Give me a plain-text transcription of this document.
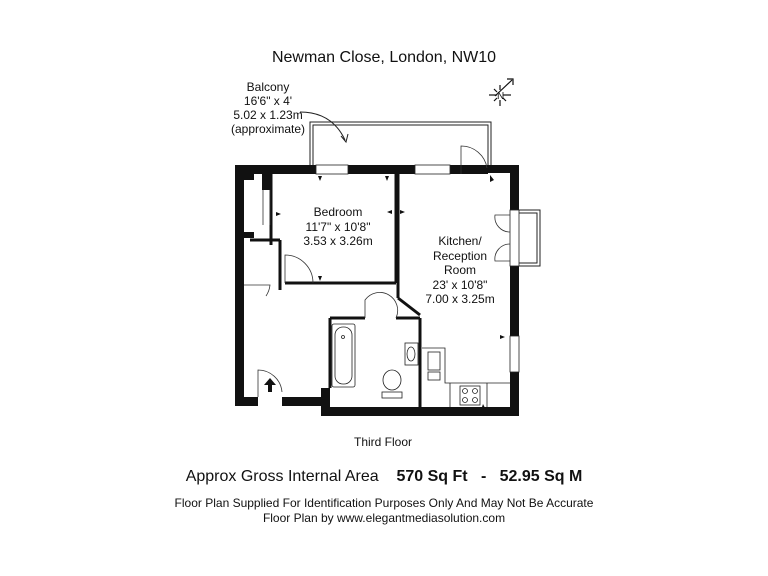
Newman Close, London, NW10
Balcony
16'6" x 4'
5.02 x 1.23m
(approximate)
N
Bedroom
11'7" x 10'8"
3.53 x 3.26m	Kitchen/
Reception
Room
23' x 10'8"
7.00 x 3.25m
Third Floor
Approx Gross Internal Area 570 Sq Ft - 52.95 Sq M
Floor Plan Supplied For Identification Purposes Only And May Not Be Accurate
Floor Plan by www.elegantmediasolution.com
